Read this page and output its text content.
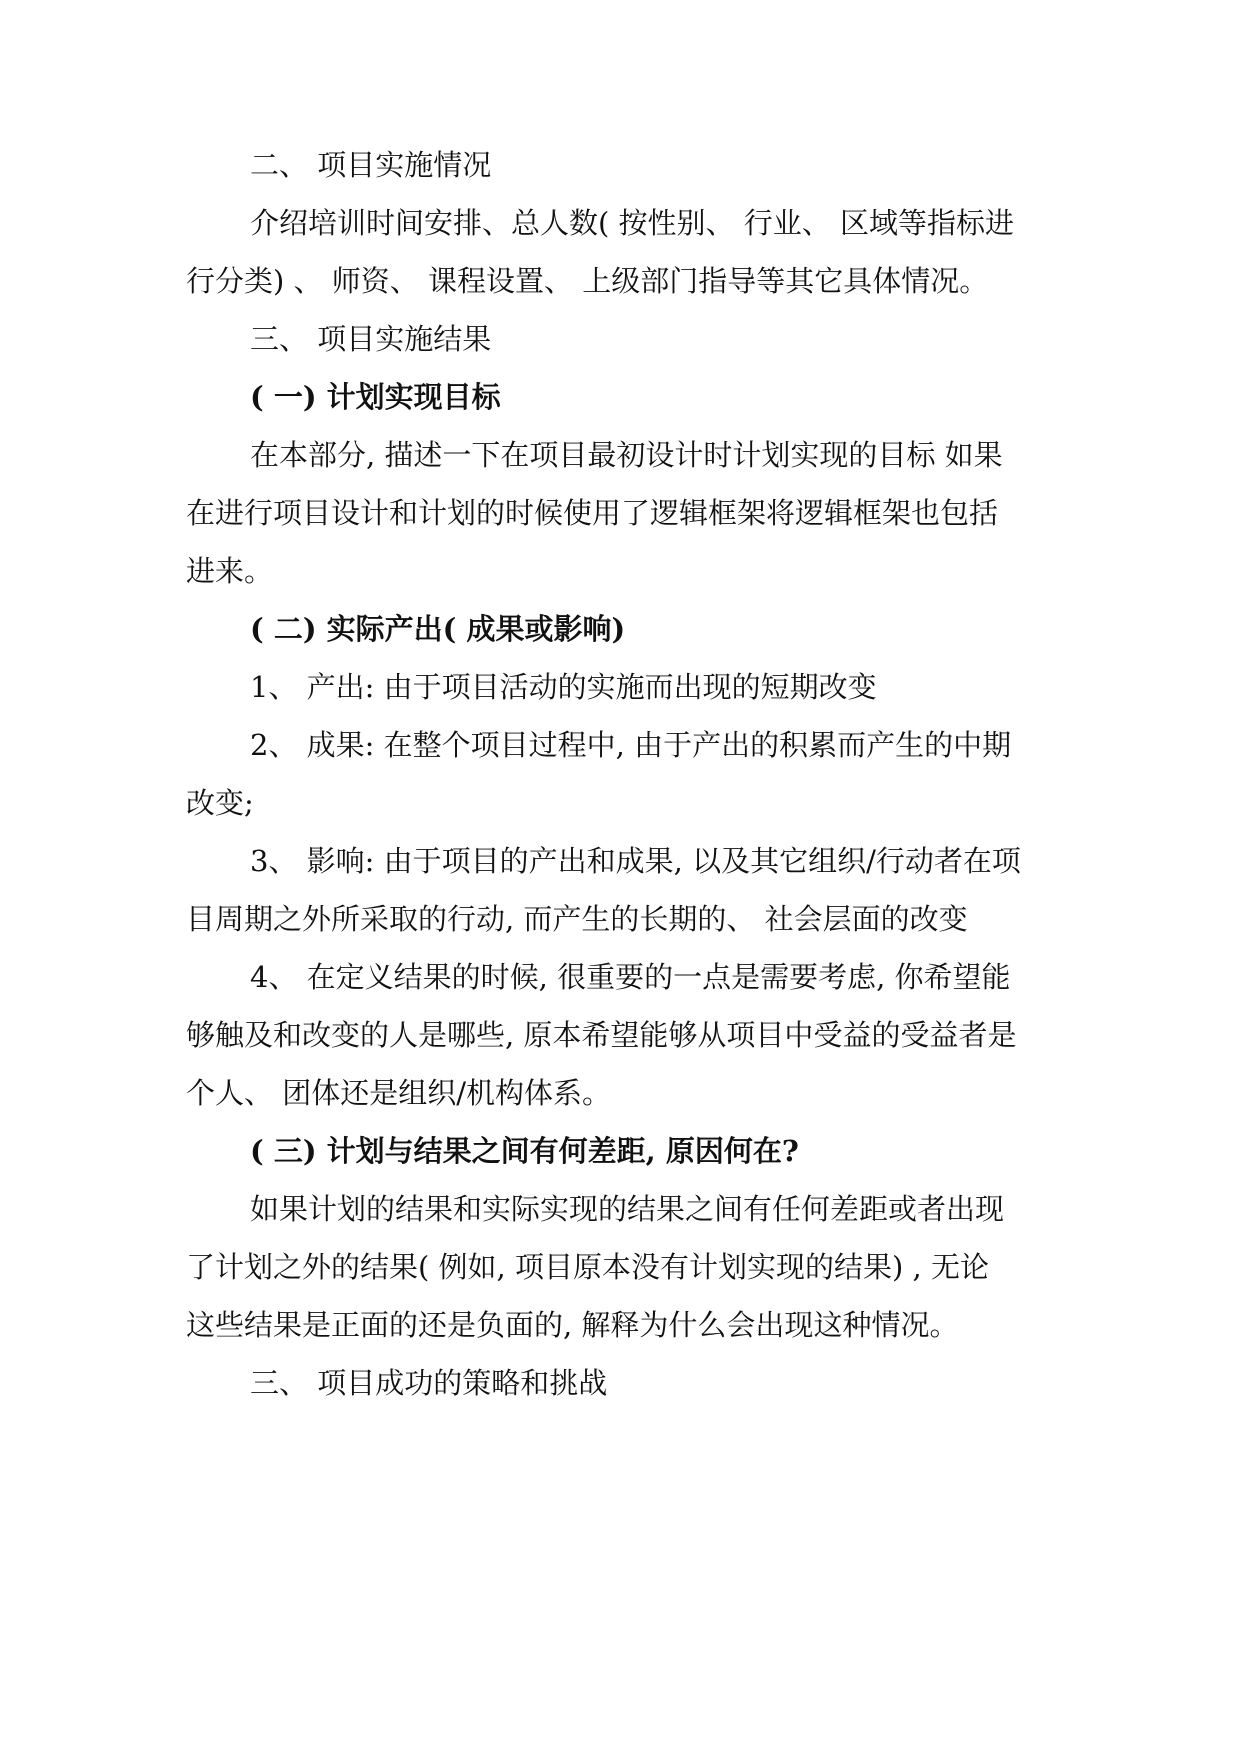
二、 项目实施情况
介绍培训时间安排、总人数( 按性别、 行业、 区域等指标进
行分类) 、 师资、 课程设置、 上级部门指导等其它具体情况。
三、 项目实施结果
( 一) 计划实现目标
在本部分, 描述一下在项目最初设计时计划实现的目标 如果
在进行项目设计和计划的时候使用了逻辑框架将逻辑框架也包括
进来。
( 二) 实际产出( 成果或影响)
1、 产出: 由于项目活动的实施而出现的短期改变
2、 成果: 在整个项目过程中, 由于产出的积累而产生的中期
改变;
3、 影响: 由于项目的产出和成果, 以及其它组织/行动者在项
目周期之外所采取的行动, 而产生的长期的、 社会层面的改变
4、 在定义结果的时候, 很重要的一点是需要考虑, 你希望能
够触及和改变的人是哪些, 原本希望能够从项目中受益的受益者是
个人、 团体还是组织/机构体系。
( 三) 计划与结果之间有何差距, 原因何在?
如果计划的结果和实际实现的结果之间有任何差距或者出现
了计划之外的结果( 例如, 项目原本没有计划实现的结果) , 无论
这些结果是正面的还是负面的, 解释为什么会出现这种情况。
三、 项目成功的策略和挑战
